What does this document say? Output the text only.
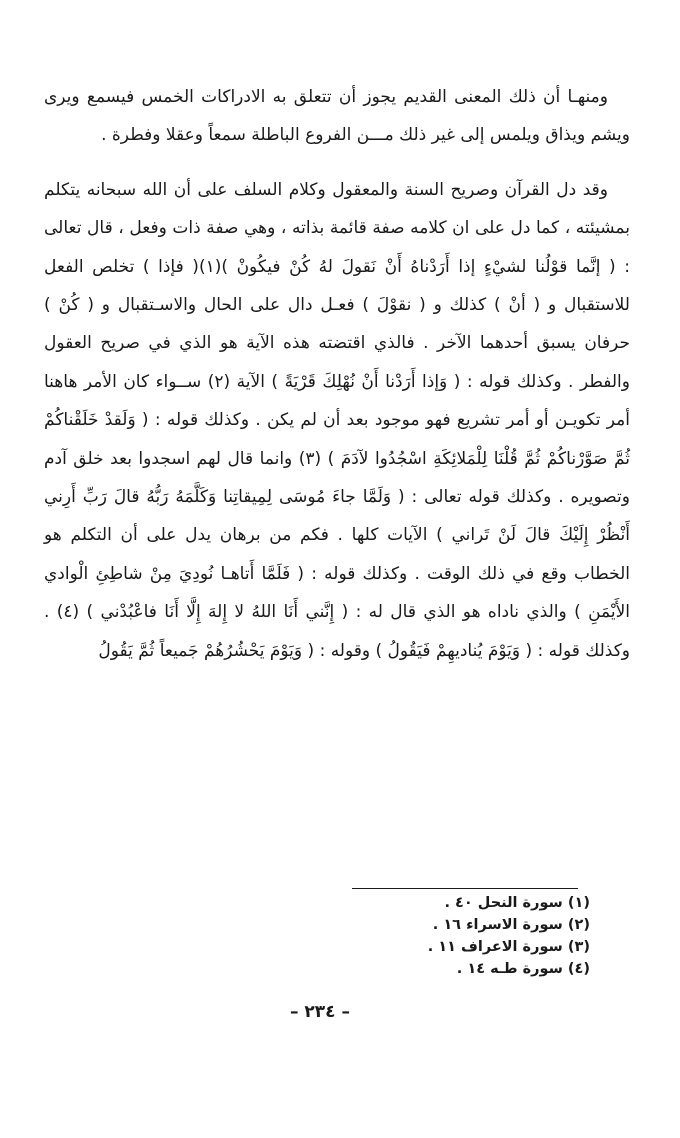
ومنهـا أن ذلك المعنى القديم يجوز أن تتعلق به الادراكات الخمس فيسمع ويرى ويشم ويذاق ويلمس إلى غير ذلك مـــن الفروع الباطلة سمعاً وعقلا وفطرة .

وقد دل القرآن وصريح السنة والمعقول وكلام السلف على أن الله سبحانه يتكلم بمشيئته ، كما دل على ان كلامه صفة قائمة بذاته ، وهي صفة ذات وفعل ، قال تعالى : ( إنَّما قوْلُنا لشيْءٍ إذا أَرَدْناهُ أَنْ نَقولَ لهُ كُنْ فيكُونْ )(١)( فإذا ) تخلص الفعل للاستقبال و ( أنْ ) كذلك و ( نقوْلَ ) فعـل دال على الحال والاسـتقبال و ( كُنْ ) حرفان يسبق أحدهما الآخر . فالذي اقتضته هذه الآية هو الذي في صريح العقول والفطر . وكذلك قوله : ( وَإذا أَرَدْنا أَنْ نُهْلِكَ قَرْيَةً ) الآية (٢) ســواء كان الأمر هاهنا أمر تكويـن أو أمر تشريع فهو موجود بعد أن لم يكن . وكذلك قوله : ( وَلَقدْ خَلَقْناكُمْ ثُمَّ صَوَّرْناكُمْ ثُمَّ قُلْنَا لِلْمَلائِكَةِ اسْجُدُوا لآدَمَ ) (٣) وانما قال لهم اسجدوا بعد خلق آدم وتصويره . وكذلك قوله تعالى : ( وَلَمَّا جاءَ مُوسَى لِمِيقاتِنا وَكَلَّمَهُ رَبُّهُ قالَ رَبِّ أَرِني أَنْظُرْ إِلَيْكَ قالَ لَنْ تَراني ) الآيات كلها . فكم من برهان يدل على أن التكلم هو الخطاب وقع في ذلك الوقت . وكذلك قوله : ( فَلَمَّا أَتاهـا نُودِيَ مِنْ شاطِئِ الْوادي الأَيْمَنِ ) والذي ناداه هو الذي قال له : ( إِنَّني أَنَا اللهُ لا إِلهَ إِلَّا أَنَا فاعْبُدْني ) (٤) . وكذلك قوله : ( وَيَوْمَ يُناديهِمْ فَيَقُولُ ) وقوله : ( وَيَوْمَ يَحْشُرُهُمْ جَميعاً ثُمَّ يَقُولُ

(١) سورة النحل ٤٠ .
(٢) سورة الاسراء ١٦ .
(٣) سورة الاعراف ١١ .
(٤) سورة طـه ١٤ .
– ٢٣٤ –
